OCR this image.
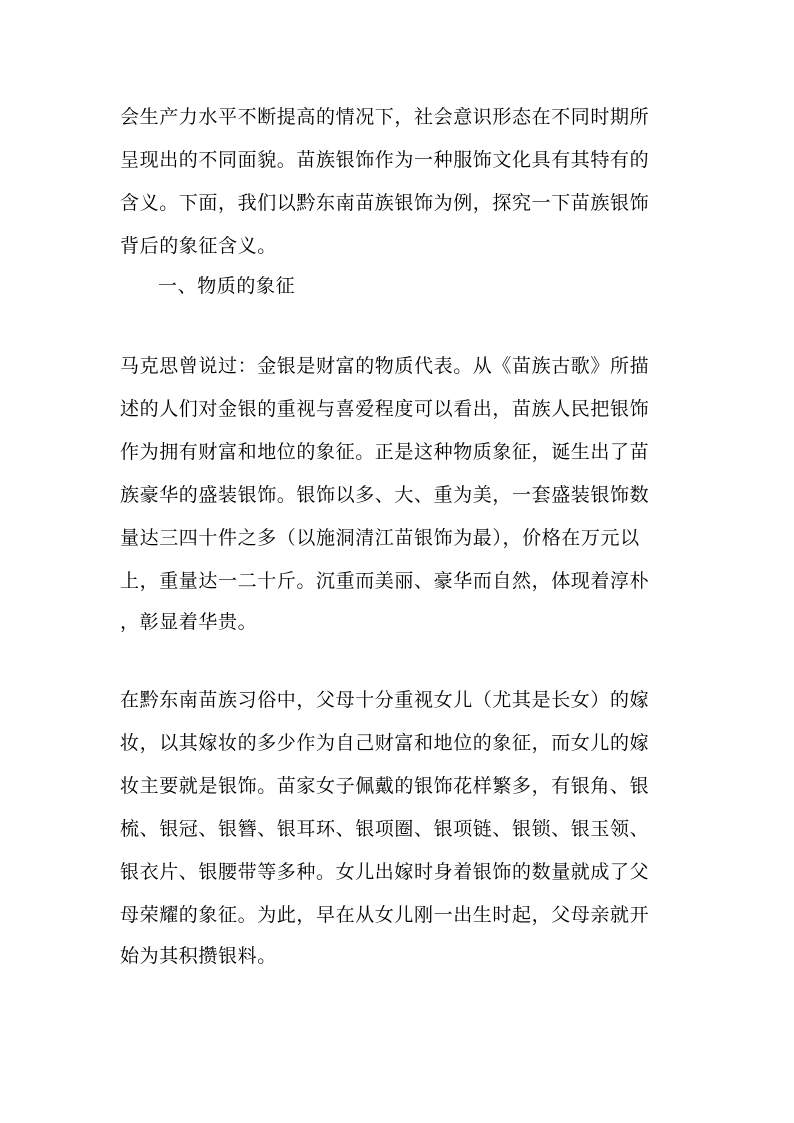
会生产力水平不断提高的情况下，社会意识形态在不同时期所
呈现出的不同面貌。苗族银饰作为一种服饰文化具有其特有的
含义。下面，我们以黔东南苗族银饰为例，探究一下苗族银饰
背后的象征含义。
一、物质的象征
马克思曾说过：金银是财富的物质代表。从《苗族古歌》所描
述的人们对金银的重视与喜爱程度可以看出，苗族人民把银饰
作为拥有财富和地位的象征。正是这种物质象征，诞生出了苗
族豪华的盛装银饰。银饰以多、大、重为美，一套盛装银饰数
量达三四十件之多（以施洞清江苗银饰为最），价格在万元以
上，重量达一二十斤。沉重而美丽、豪华而自然，体现着淳朴
，彰显着华贵。
在黔东南苗族习俗中，父母十分重视女儿（尤其是长女）的嫁
妆，以其嫁妆的多少作为自己财富和地位的象征，而女儿的嫁
妆主要就是银饰。苗家女子佩戴的银饰花样繁多，有银角、银
梳、银冠、银簪、银耳环、银项圈、银项链、银锁、银玉领、
银衣片、银腰带等多种。女儿出嫁时身着银饰的数量就成了父
母荣耀的象征。为此，早在从女儿刚一出生时起，父母亲就开
始为其积攒银料。
